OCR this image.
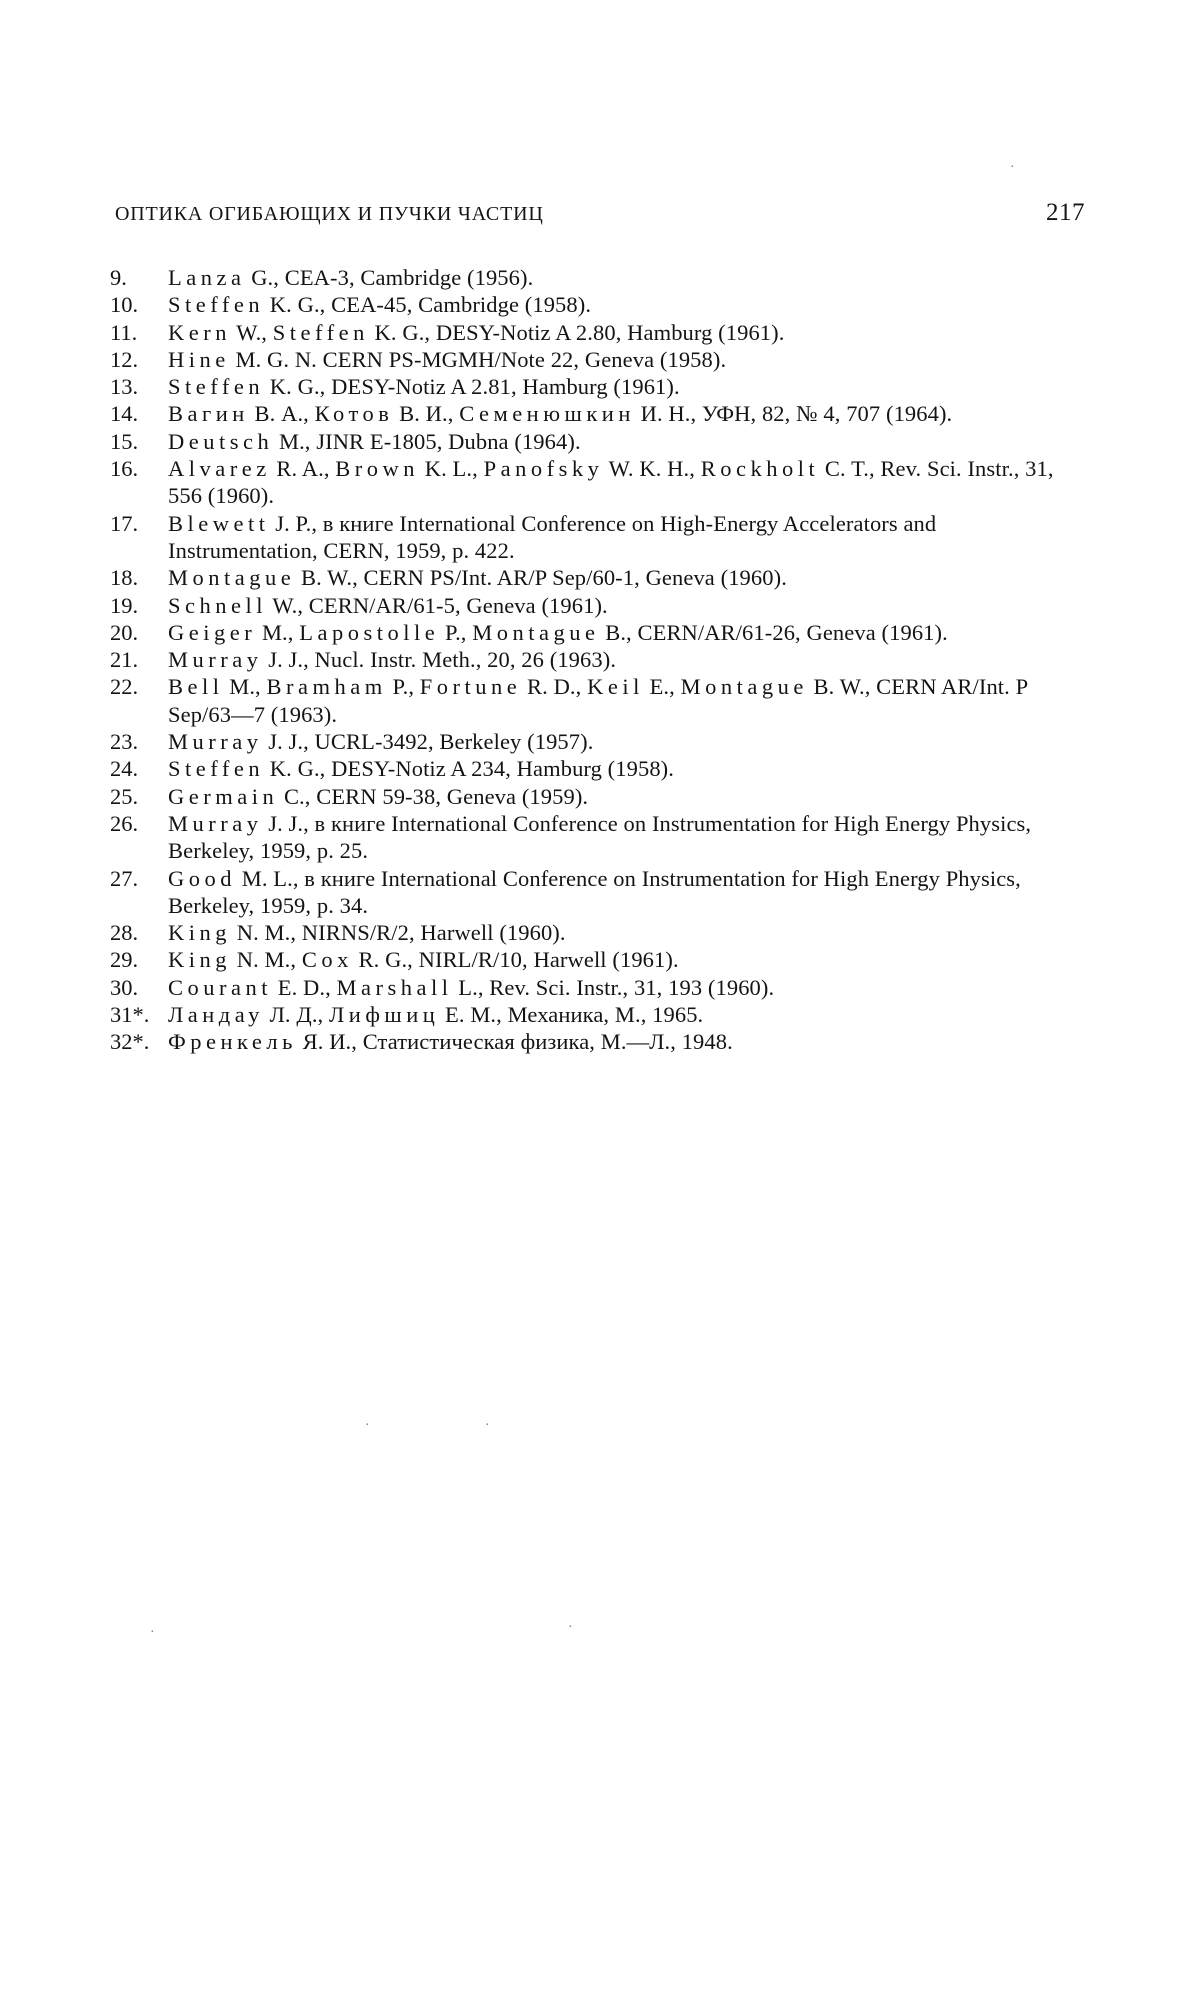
ОПТИКА ОГИБАЮЩИХ И ПУЧКИ ЧАСТИЦ	217
9.	Lanza G., CEA-3, Cambridge (1956).
10.	Steffen K. G., CEA-45, Cambridge (1958).
11.	Kern W., Steffen K. G., DESY-Notiz A 2.80, Hamburg (1961).
12.	Hine M. G. N. CERN PS-MGMH/Note 22, Geneva (1958).
13.	Steffen K. G., DESY-Notiz A 2.81, Hamburg (1961).
14.	Вагин В. А., Котов В. И., Семенюшкин И. Н., УФН, 82, № 4, 707 (1964).
15.	Deutsch M., JINR E-1805, Dubna (1964).
16.	Alvarez R. A., Brown K. L., Panofsky W. K. H., Rockholt C. T., Rev. Sci. Instr., 31, 556 (1960).
17.	Blewett J. P., в книге International Conference on High-Energy Accelerators and Instrumentation, CERN, 1959, p. 422.
18.	Montague B. W., CERN PS/Int. AR/P Sep/60-1, Geneva (1960).
19.	Schnell W., CERN/AR/61-5, Geneva (1961).
20.	Geiger M., Lapostolle P., Montague B., CERN/AR/61-26, Geneva (1961).
21.	Murray J. J., Nucl. Instr. Meth., 20, 26 (1963).
22.	Bell M., Bramham P., Fortune R. D., Keil E., Montague B. W., CERN AR/Int. P Sep/63—7 (1963).
23.	Murray J. J., UCRL-3492, Berkeley (1957).
24.	Steffen K. G., DESY-Notiz A 234, Hamburg (1958).
25.	Germain C., CERN 59-38, Geneva (1959).
26.	Murray J. J., в книге International Conference on Instrumentation for High Energy Physics, Berkeley, 1959, p. 25.
27.	Good M. L., в книге International Conference on Instrumentation for High Energy Physics, Berkeley, 1959, p. 34.
28.	King N. M., NIRNS/R/2, Harwell (1960).
29.	King N. M., Cox R. G., NIRL/R/10, Harwell (1961).
30.	Courant E. D., Marshall L., Rev. Sci. Instr., 31, 193 (1960).
31*. Ландау Л. Д., Лифшиц Е. М., Механика, М., 1965.
32*. Френкель Я. И., Статистическая физика, М.—Л., 1948.
·
·	·
·	·
